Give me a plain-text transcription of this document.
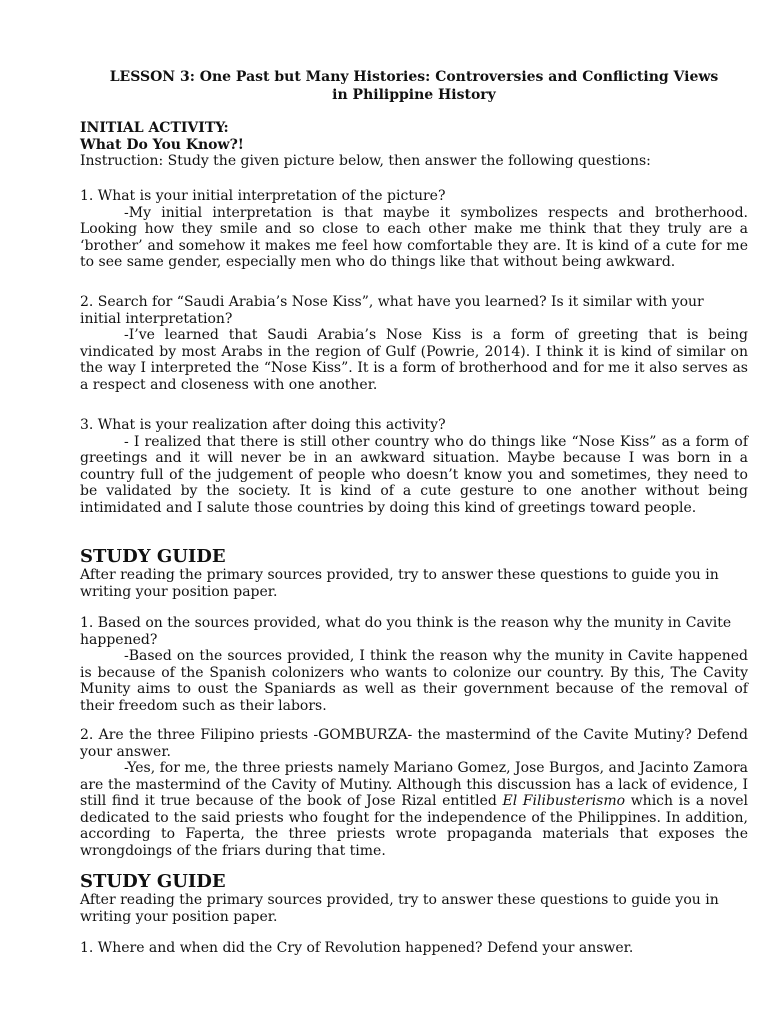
LESSON 3: One Past but Many Histories: Controversies and Conflicting Views
in Philippine History
INITIAL ACTIVITY:
What Do You Know?!
Instruction: Study the given picture below, then answer the following questions:
1. What is your initial interpretation of the picture?
-My initial interpretation is that maybe it symbolizes respects and brotherhood. Looking how they smile and so close to each other make me think that they truly are a ‘brother’ and somehow it makes me feel how comfortable they are. It is kind of a cute for me to see same gender, especially men who do things like that without being awkward.
2. Search for “Saudi Arabia’s Nose Kiss”, what have you learned? Is it similar with your initial interpretation?
-I’ve learned that Saudi Arabia’s Nose Kiss is a form of greeting that is being vindicated by most Arabs in the region of Gulf (Powrie, 2014). I think it is kind of similar on the way I interpreted the “Nose Kiss”. It is a form of brotherhood and for me it also serves as a respect and closeness with one another.
3. What is your realization after doing this activity?
- I realized that there is still other country who do things like “Nose Kiss” as a form of greetings and it will never be in an awkward situation. Maybe because I was born in a country full of the judgement of people who doesn’t know you and sometimes, they need to be validated by the society. It is kind of a cute gesture to one another without being intimidated and I salute those countries by doing this kind of greetings toward people.
STUDY GUIDE
After reading the primary sources provided, try to answer these questions to guide you in writing your position paper.
1. Based on the sources provided, what do you think is the reason why the munity in Cavite happened?
-Based on the sources provided, I think the reason why the munity in Cavite happened is because of the Spanish colonizers who wants to colonize our country. By this, The Cavity Munity aims to oust the Spaniards as well as their government because of the removal of their freedom such as their labors.
2. Are the three Filipino priests -GOMBURZA- the mastermind of the Cavite Mutiny? Defend your answer.
-Yes, for me, the three priests namely Mariano Gomez, Jose Burgos, and Jacinto Zamora are the mastermind of the Cavity of Mutiny. Although this discussion has a lack of evidence, I still find it true because of the book of Jose Rizal entitled El Filibusterismo which is a novel dedicated to the said priests who fought for the independence of the Philippines. In addition, according to Faperta, the three priests wrote propaganda materials that exposes the wrongdoings of the friars during that time.
STUDY GUIDE
After reading the primary sources provided, try to answer these questions to guide you in writing your position paper.
1. Where and when did the Cry of Revolution happened? Defend your answer.
